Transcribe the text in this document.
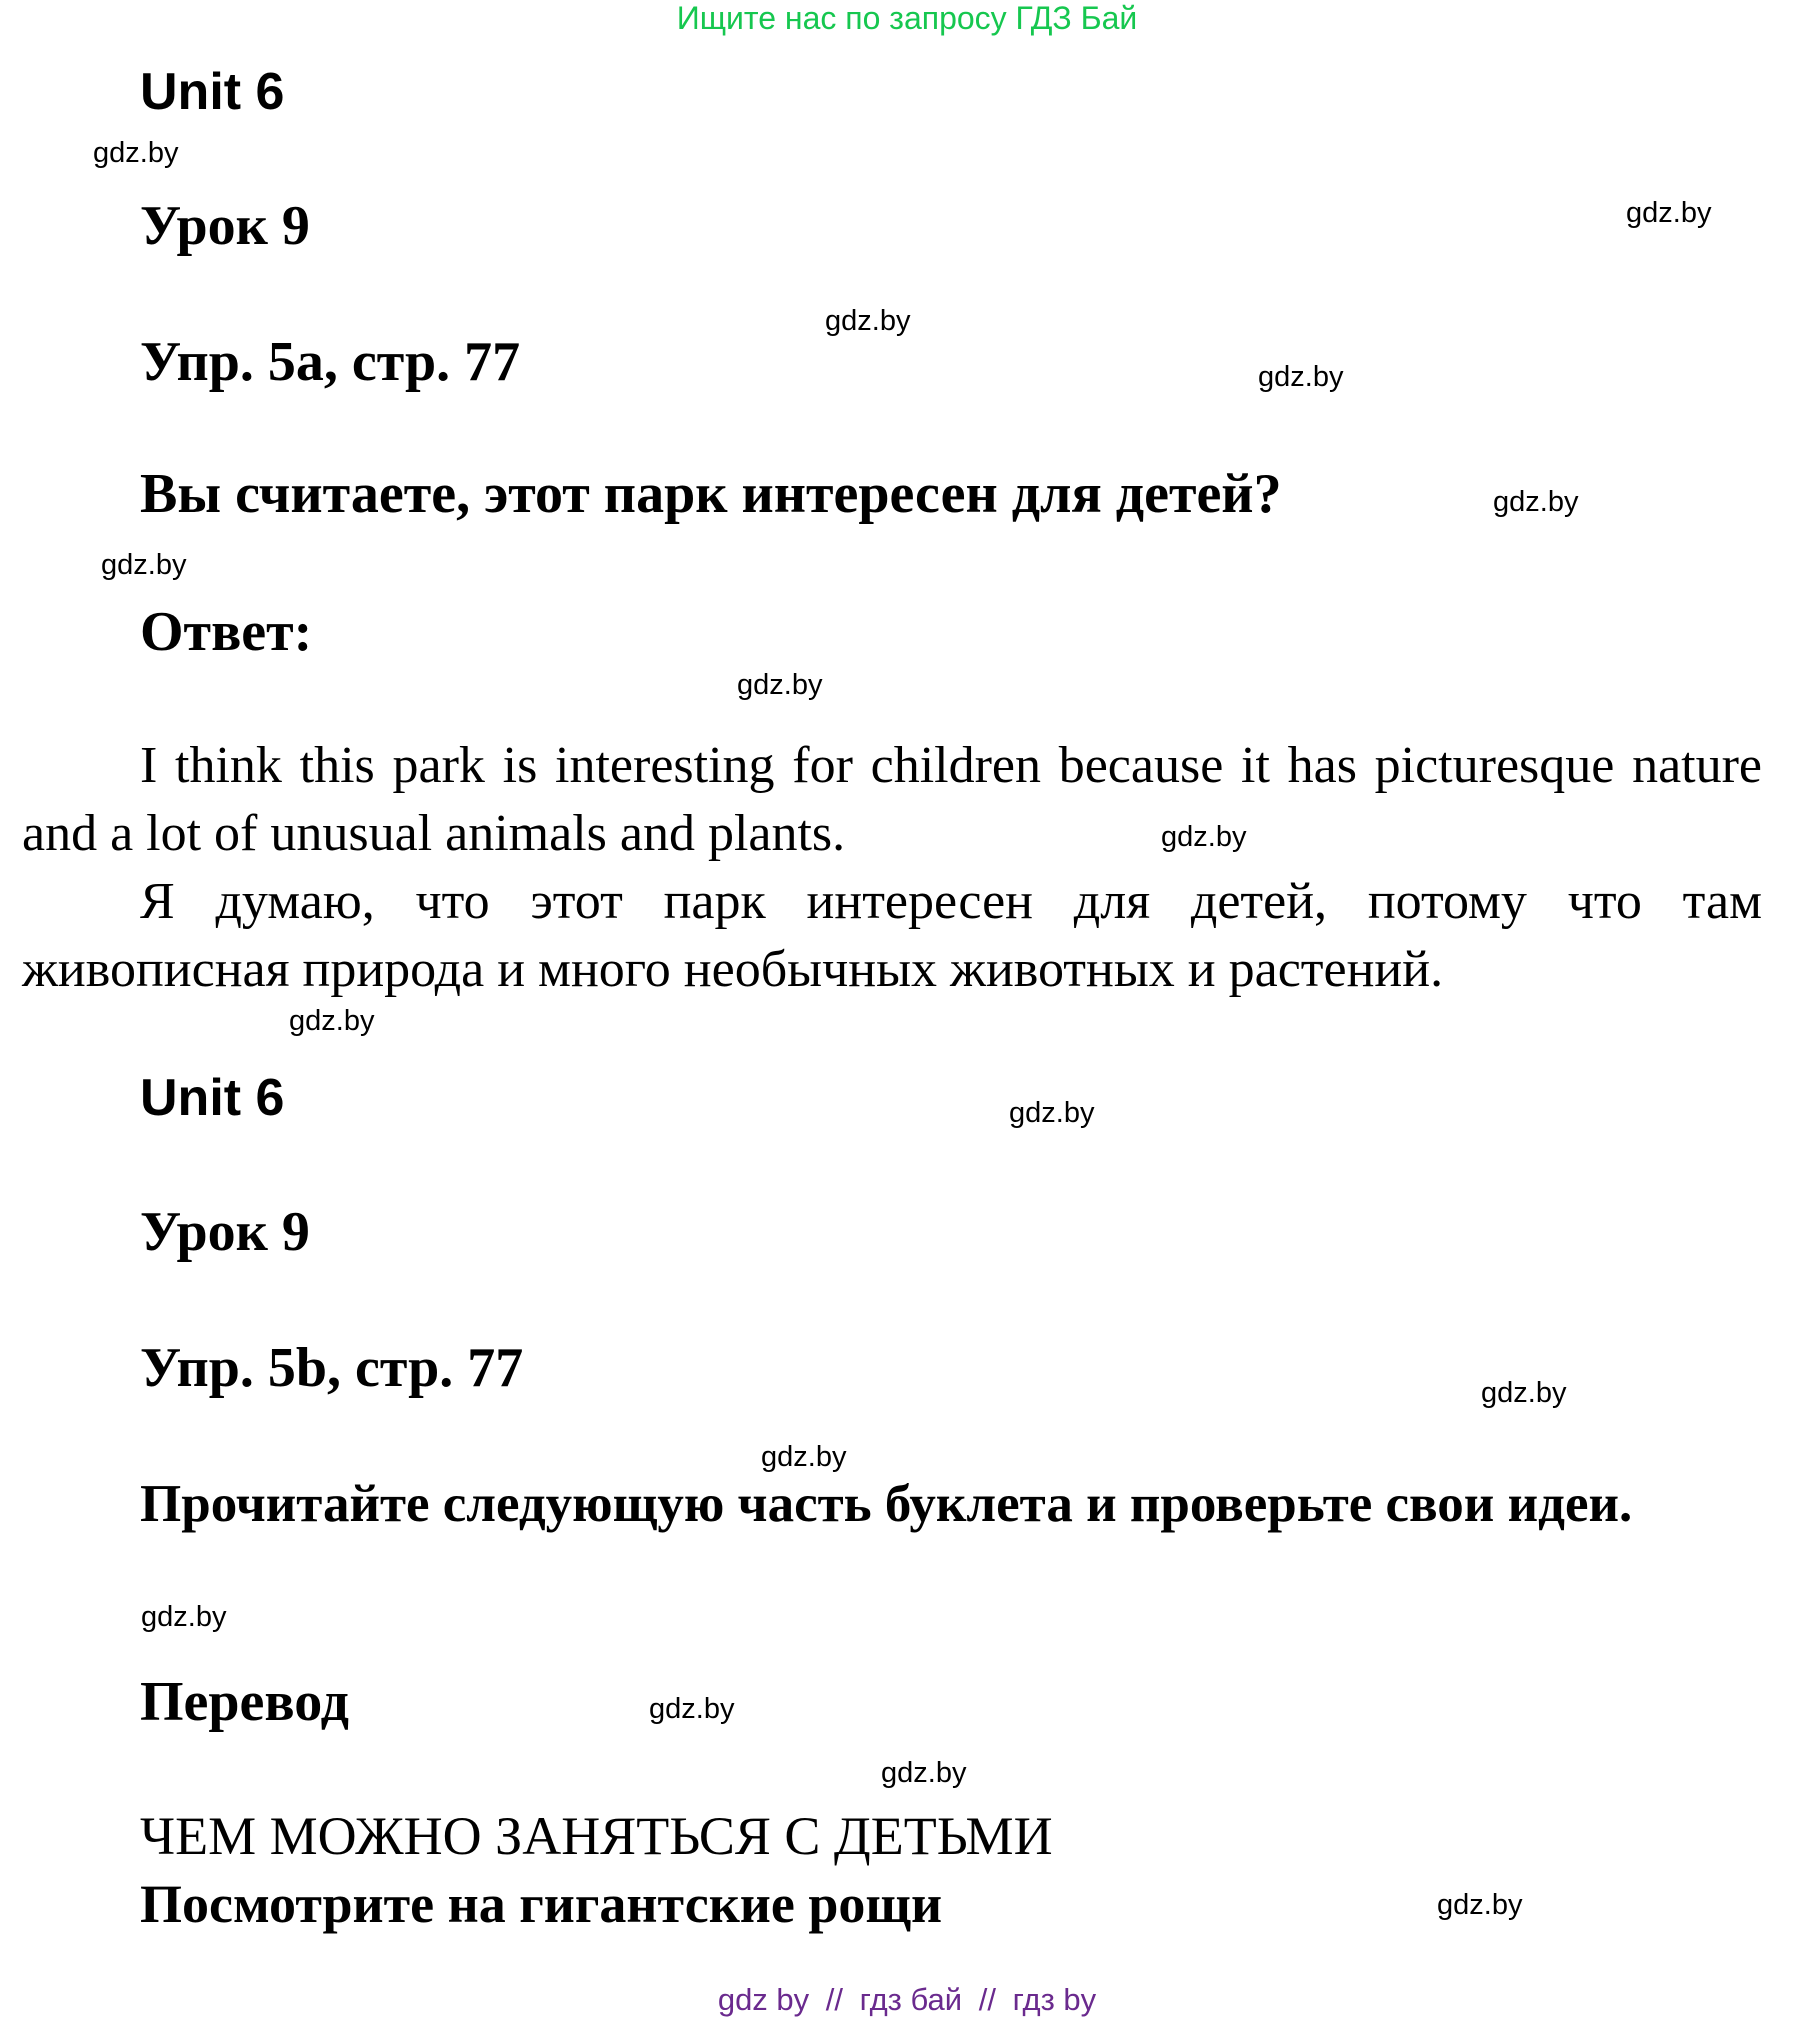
Ищите нас по запросу ГДЗ Бай
Unit 6
Урок 9
Упр. 5a, стр. 77
Вы считаете, этот парк интересен для детей?
Ответ:
I think this park is interesting for children because it has picturesque nature and a lot of unusual animals and plants.
Я думаю, что этот парк интересен для детей, потому что там живописная природа и много необычных животных и растений.
Unit 6
Урок 9
Упр. 5b, стр. 77
Прочитайте следующую часть буклета и проверьте свои идеи.
Перевод
ЧЕМ МОЖНО ЗАНЯТЬСЯ С ДЕТЬМИ
Посмотрите на гигантские рощи
gdz.by
gdz.by
gdz.by
gdz.by
gdz.by
gdz.by
gdz.by
gdz.by
gdz.by
gdz.by
gdz.by
gdz.by
gdz.by
gdz.by
gdz.by
gdz.by
gdz by // гдз бай // гдз by
